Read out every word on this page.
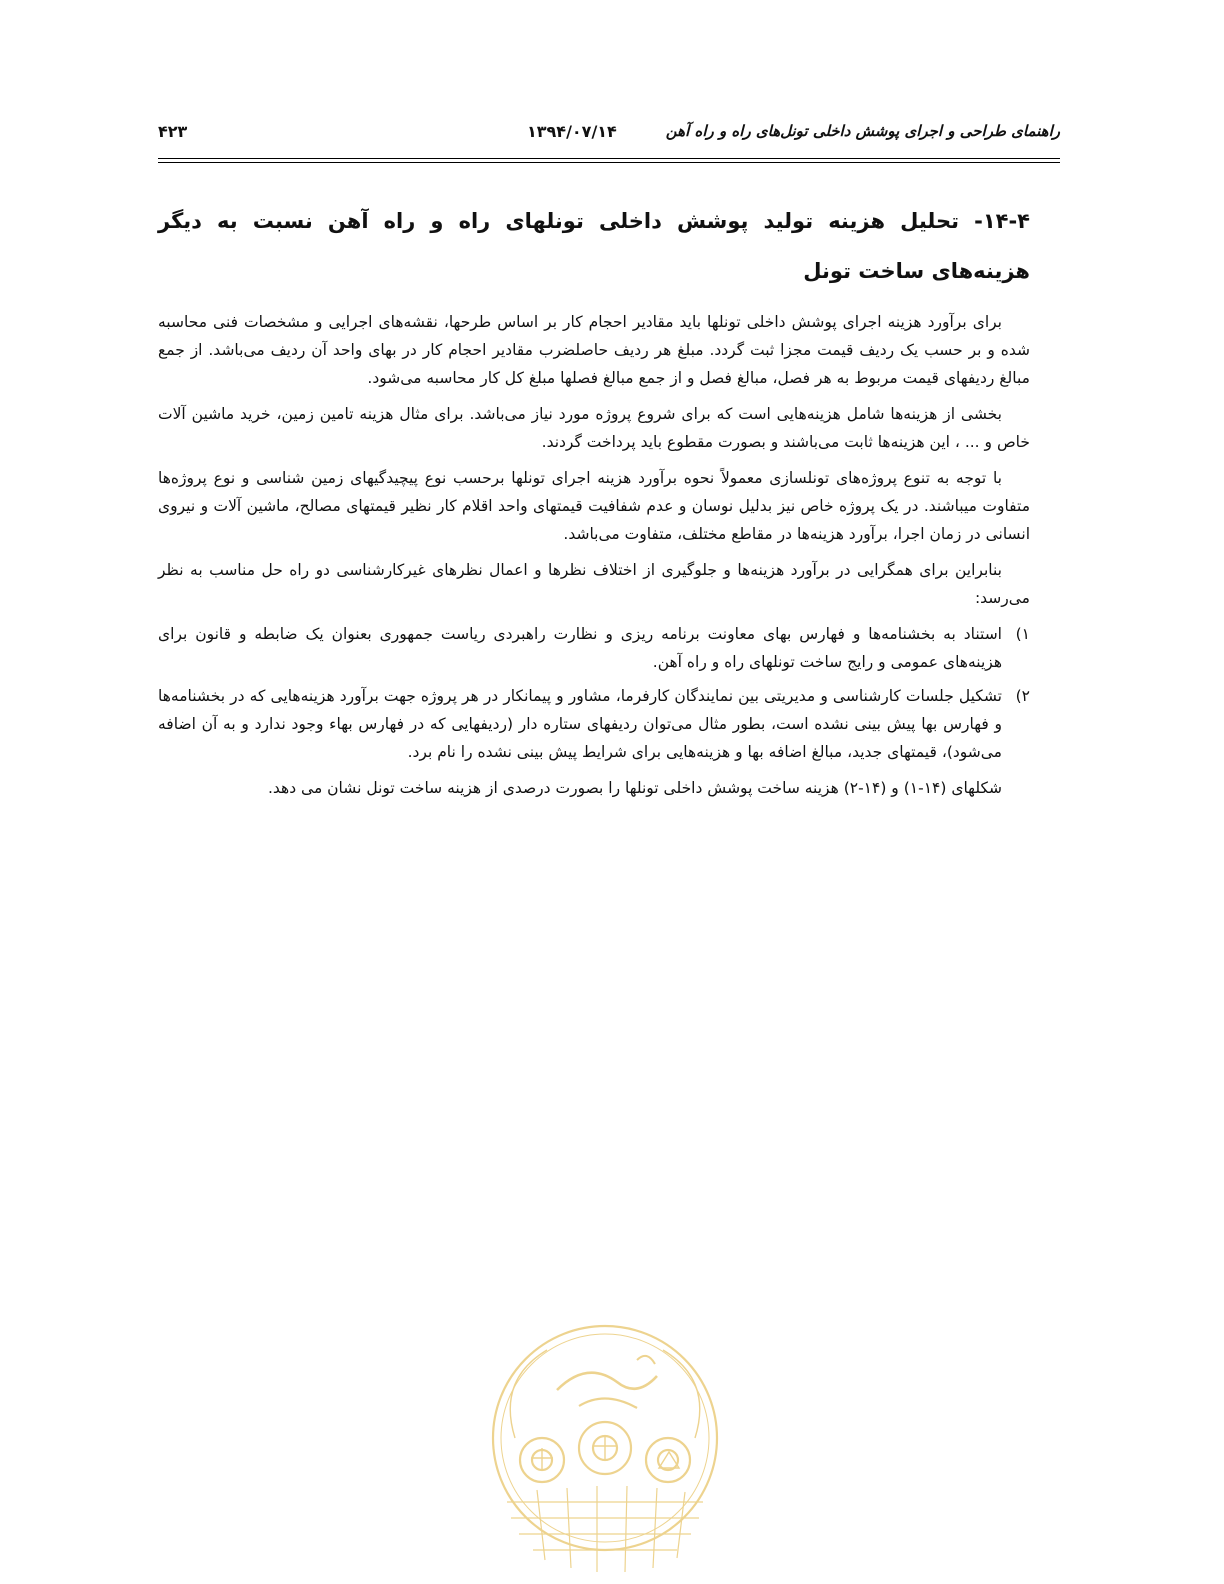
۴۲۳	۱۳۹۴/۰۷/۱۴	راهنمای طراحی و اجرای پوشش داخلی تونل‌های راه و راه آهن
۱۴-۴- تحلیل هزینه تولید پوشش داخلی تونلهای راه و راه آهن نسبت به دیگر هزینه‌های ساخت تونل

برای برآورد هزینه اجرای پوشش داخلی تونلها باید مقادیر احجام کار بر اساس طرحها، نقشه‌های اجرایی و مشخصات فنی محاسبه شده و بر حسب یک ردیف قیمت مجزا ثبت گردد. مبلغ هر ردیف حاصلضرب مقادیر احجام کار در بهای واحد آن ردیف می‌باشد. از جمع مبالغ ردیفهای قیمت مربوط به هر فصل، مبالغ فصل و از جمع مبالغ فصلها مبلغ کل کار محاسبه می‌شود.

بخشی از هزینه‌ها شامل هزینه‌هایی است که برای شروع پروژه مورد نیاز می‌باشد. برای مثال هزینه تامین زمین، خرید ماشین آلات خاص و ... ، این هزینه‌ها ثابت می‌باشند و بصورت مقطوع باید پرداخت گردند.

با توجه به تنوع پروژه‌های تونلسازی معمولاً نحوه برآورد هزینه اجرای تونلها برحسب نوع پیچیدگیهای زمین شناسی و نوع پروژه‌ها متفاوت میباشند. در یک پروژه خاص نیز بدلیل نوسان و عدم شفافیت قیمتهای واحد اقلام کار نظیر قیمتهای مصالح، ماشین آلات و نیروی انسانی در زمان اجرا، برآورد هزینه‌ها در مقاطع مختلف، متفاوت می‌باشد.

بنابراین برای همگرایی در برآورد هزینه‌ها و جلوگیری از اختلاف نظرها و اعمال نظرهای غیرکارشناسی دو راه حل مناسب به نظر می‌رسد:

۱)
استناد به بخشنامه‌ها و فهارس بهای معاونت برنامه ریزی و نظارت راهبردی ریاست جمهوری بعنوان یک ضابطه و قانون برای هزینه‌های عمومی و رایج ساخت تونلهای راه و راه آهن.
۲)
تشکیل جلسات کارشناسی و مدیریتی بین نمایندگان کارفرما، مشاور و پیمانکار در هر پروژه جهت برآورد هزینه‌هایی که در بخشنامه‌ها و فهارس بها پیش بینی نشده است، بطور مثال می‌توان ردیفهای ستاره دار (ردیفهایی که در فهارس بهاء وجود ندارد و به آن اضافه می‌شود)، قیمتهای جدید، مبالغ اضافه بها و هزینه‌هایی برای شرایط پیش بینی نشده را نام برد.

شکلهای (۱۴-۱) و (۱۴-۲) هزینه ساخت پوشش داخلی تونلها را بصورت درصدی از هزینه ساخت تونل نشان می دهد.
